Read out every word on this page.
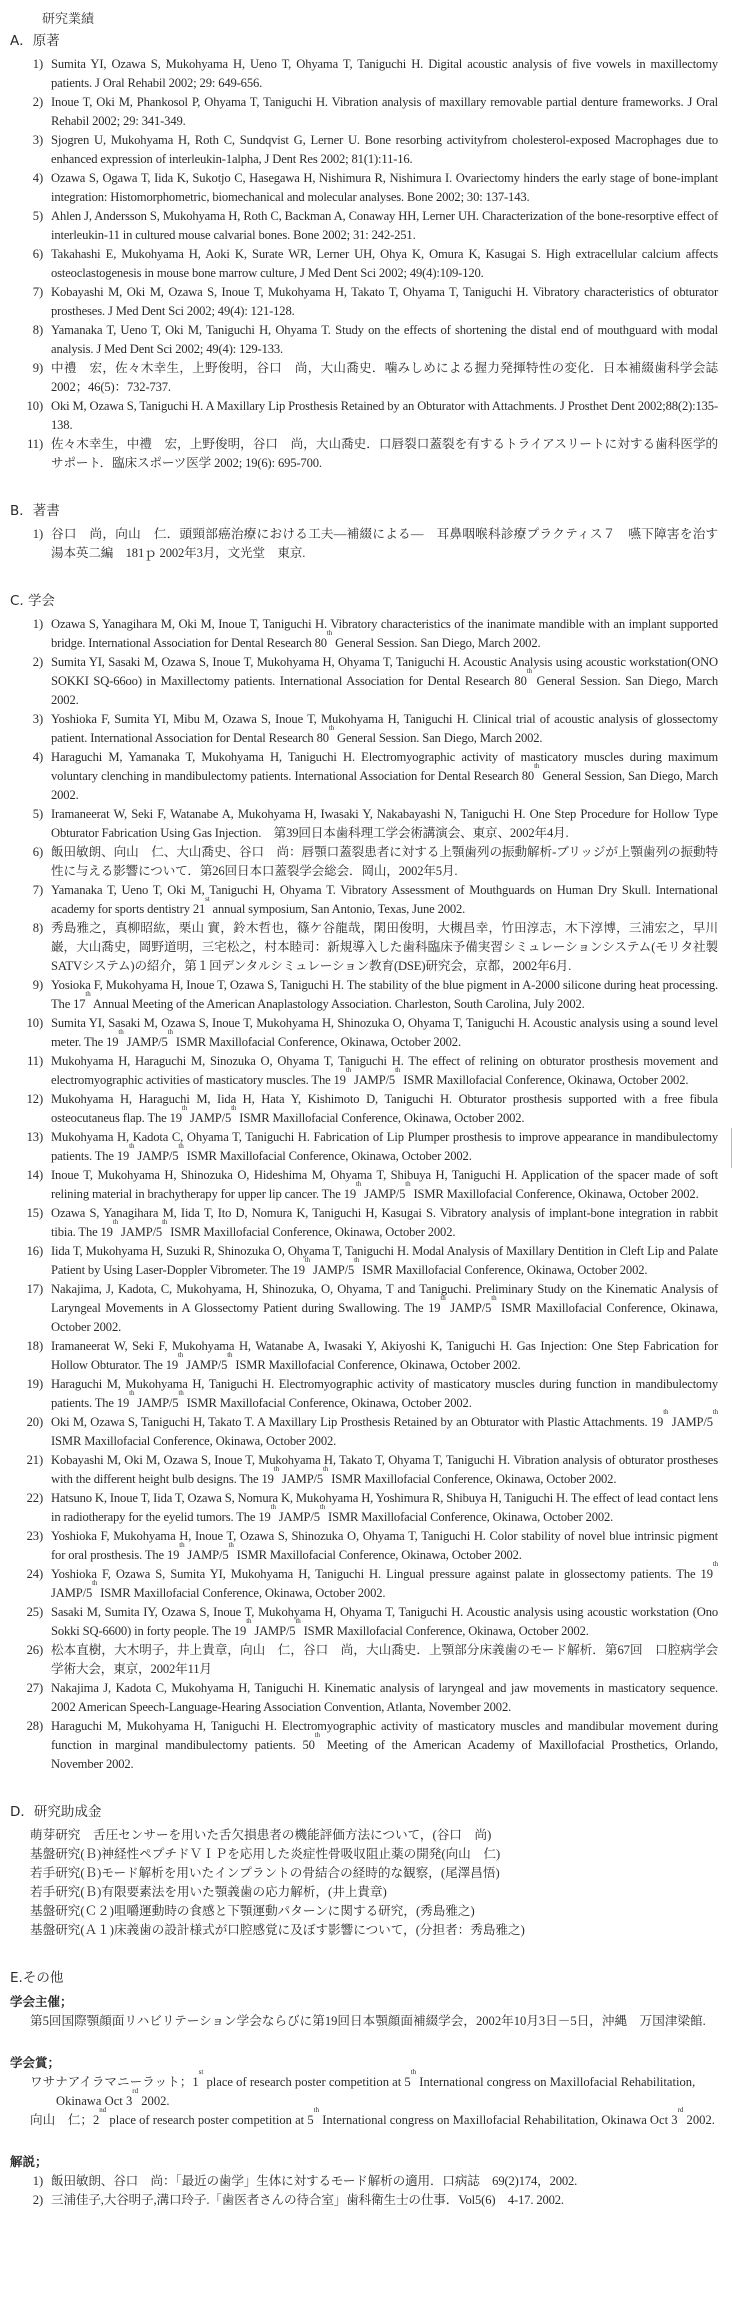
研究業績
A．原著
1) Sumita YI, Ozawa S, Mukohyama H, Ueno T, Ohyama T, Taniguchi H. Digital acoustic analysis of five vowels in maxillectomy patients. J Oral Rehabil 2002; 29: 649-656.
2) Inoue T, Oki M, Phankosol P, Ohyama T, Taniguchi H. Vibration analysis of maxillary removable partial denture frameworks. J Oral Rehabil 2002; 29: 341-349.
3) Sjogren U, Mukohyama H, Roth C, Sundqvist G, Lerner U. Bone resorbing activityfrom cholesterol-exposed Macrophages due to enhanced expression of interleukin-1alpha, J Dent Res 2002; 81(1):11-16.
4) Ozawa S, Ogawa T, Iida K, Sukotjo C, Hasegawa H, Nishimura R, Nishimura I. Ovariectomy hinders the early stage of bone-implant integration: Histomorphometric, biomechanical and molecular analyses. Bone 2002; 30: 137-143.
5) Ahlen J, Andersson S, Mukohyama H, Roth C, Backman A, Conaway HH, Lerner UH. Characterization of the bone-resorptive effect of interleukin-11 in cultured mouse calvarial bones. Bone 2002; 31: 242-251.
6) Takahashi E, Mukohyama H, Aoki K, Surate WR, Lerner UH, Ohya K, Omura K, Kasugai S. High extracellular calcium affects osteoclastogenesis in mouse bone marrow culture, J Med Dent Sci 2002; 49(4):109-120.
7) Kobayashi M, Oki M, Ozawa S, Inoue T, Mukohyama H, Takato T, Ohyama T, Taniguchi H. Vibratory characteristics of obturator prostheses. J Med Dent Sci 2002; 49(4): 121-128.
8) Yamanaka T, Ueno T, Oki M, Taniguchi H, Ohyama T. Study on the effects of shortening the distal end of mouthguard with modal analysis. J Med Dent Sci 2002; 49(4): 129-133.
9) 中禮　宏，佐々木幸生，上野俊明，谷口　尚，大山喬史．噛みしめによる握力発揮特性の変化．日本補綴歯科学会誌 2002；46(5)：732-737.
10) Oki M, Ozawa S, Taniguchi H. A Maxillary Lip Prosthesis Retained by an Obturator with Attachments. J Prosthet Dent 2002;88(2):135-138.
11) 佐々木幸生，中禮　宏，上野俊明，谷口　尚，大山喬史．口唇裂口蓋裂を有するトライアスリートに対する歯科医学的サポート．臨床スポーツ医学 2002; 19(6): 695-700.
B．著書
1) 谷口　尚，向山　仁．頭頸部癌治療における工夫―補綴による―　耳鼻咽喉科診療プラクティス７　嚥下障害を治す　湯本英二編　181ｐ 2002年3月，文光堂　東京.
C. 学会
1) Ozawa S, Yanagihara M, Oki M, Inoue T, Taniguchi H. Vibratory characteristics of the inanimate mandible with an implant supported bridge. International Association for Dental Research 80th General Session. San Diego, March 2002.
2) Sumita YI, Sasaki M, Ozawa S, Inoue T, Mukohyama H, Ohyama T, Taniguchi H. Acoustic Analysis using acoustic workstation(ONO SOKKI SQ-66oo) in Maxillectomy patients. International Association for Dental Research 80th General Session. San Diego, March 2002.
3) Yoshioka F, Sumita YI, Mibu M, Ozawa S, Inoue T, Mukohyama H, Taniguchi H. Clinical trial of acoustic analysis of glossectomy patient. International Association for Dental Research 80th General Session. San Diego, March 2002.
4) Haraguchi M, Yamanaka T, Mukohyama H, Taniguchi H. Electromyographic activity of masticatory muscles during maximum voluntary clenching in mandibulectomy patients. International Association for Dental Research 80th General Session, San Diego, March 2002.
5) Iramaneerat W, Seki F, Watanabe A, Mukohyama H, Iwasaki Y, Nakabayashi N, Taniguchi H. One Step Procedure for Hollow Type Obturator Fabrication Using Gas Injection.　第39回日本歯科理工学会術講演会、東京、2002年4月.
6) 飯田敏朗、向山　仁、大山喬史、谷口　尚：唇顎口蓋裂患者に対する上顎歯列の振動解析-ブリッジが上顎歯列の振動特性に与える影響について．第26回日本口蓋裂学会総会．岡山，2002年5月.
7) Yamanaka T, Ueno T, Oki M, Taniguchi H, Ohyama T. Vibratory Assessment of Mouthguards on Human Dry Skull. International academy for sports dentistry 21st annual symposium, San Antonio, Texas, June 2002.
8) 秀島雅之，真柳昭紘，栗山 實，鈴木哲也，篠ケ谷龍哉，閑田俊明，大槻昌幸，竹田淳志，木下淳博，三浦宏之，早川 巌，大山喬史，岡野道明，三宅松之，村本睦司：新規導入した歯科臨床予備実習シミュレーションシステム(モリタ社製SATVシステム)の紹介，第１回デンタルシミュレーション教育(DSE)研究会，京都，2002年6月.
9) Yosioka F, Mukohyama H, Inoue T, Ozawa S, Taniguchi H. The stability of the blue pigment in A-2000 silicone during heat processing. The 17th Annual Meeting of the American Anaplastology Association. Charleston, South Carolina, July 2002.
10) Sumita YI, Sasaki M, Ozawa S, Inoue T, Mukohyama H, Shinozuka O, Ohyama T, Taniguchi H. Acoustic analysis using a sound level meter. The 19th JAMP/5th ISMR Maxillofacial Conference, Okinawa, October 2002.
11) Mukohyama H, Haraguchi M, Sinozuka O, Ohyama T, Taniguchi H. The effect of relining on obturator prosthesis movement and electromyographic activities of masticatory muscles. The 19th JAMP/5th ISMR Maxillofacial Conference, Okinawa, October 2002.
12) Mukohyama H, Haraguchi M, Iida H, Hata Y, Kishimoto D, Taniguchi H. Obturator prosthesis supported with a free fibula osteocutaneus flap. The 19th JAMP/5th ISMR Maxillofacial Conference, Okinawa, October 2002.
13) Mukohyama H, Kadota C, Ohyama T, Taniguchi H. Fabrication of Lip Plumper prosthesis to improve appearance in mandibulectomy patients. The 19th JAMP/5th ISMR Maxillofacial Conference, Okinawa, October 2002.
14) Inoue T, Mukohyama H, Shinozuka O, Hideshima M, Ohyama T, Shibuya H, Taniguchi H. Application of the spacer made of soft relining material in brachytherapy for upper lip cancer. The 19th JAMP/5th ISMR Maxillofacial Conference, Okinawa, October 2002.
15) Ozawa S, Yanagihara M, Iida T, Ito D, Nomura K, Taniguchi H, Kasugai S. Vibratory analysis of implant-bone integration in rabbit tibia. The 19th JAMP/5th ISMR Maxillofacial Conference, Okinawa, October 2002.
16) Iida T, Mukohyama H, Suzuki R, Shinozuka O, Ohyama T, Taniguchi H. Modal Analysis of Maxillary Dentition in Cleft Lip and Palate Patient by Using Laser-Doppler Vibrometer. The 19th JAMP/5th ISMR Maxillofacial Conference, Okinawa, October 2002.
17) Nakajima, J, Kadota, C, Mukohyama, H, Shinozuka, O, Ohyama, T and Taniguchi. Preliminary Study on the Kinematic Analysis of Laryngeal Movements in A Glossectomy Patient during Swallowing. The 19th JAMP/5th ISMR Maxillofacial Conference, Okinawa, October 2002.
18) Iramaneerat W, Seki F, Mukohyama H, Watanabe A, Iwasaki Y, Akiyoshi K, Taniguchi H. Gas Injection: One Step Fabrication for Hollow Obturator. The 19th JAMP/5th ISMR Maxillofacial Conference, Okinawa, October 2002.
19) Haraguchi M, Mukohyama H, Taniguchi H. Electromyographic activity of masticatory muscles during function in mandibulectomy patients. The 19th JAMP/5th ISMR Maxillofacial Conference, Okinawa, October 2002.
20) Oki M, Ozawa S, Taniguchi H, Takato T. A Maxillary Lip Prosthesis Retained by an Obturator with Plastic Attachments. 19th JAMP/5th ISMR Maxillofacial Conference, Okinawa, October 2002.
21) Kobayashi M, Oki M, Ozawa S, Inoue T, Mukohyama H, Takato T, Ohyama T, Taniguchi H. Vibration analysis of obturator prostheses with the different height bulb designs. The 19th JAMP/5th ISMR Maxillofacial Conference, Okinawa, October 2002.
22) Hatsuno K, Inoue T, Iida T, Ozawa S, Nomura K, Mukohyama H, Yoshimura R, Shibuya H, Taniguchi H. The effect of lead contact lens in radiotherapy for the eyelid tumors. The 19th JAMP/5th ISMR Maxillofacial Conference, Okinawa, October 2002.
23) Yoshioka F, Mukohyama H, Inoue T, Ozawa S, Shinozuka O, Ohyama T, Taniguchi H. Color stability of novel blue intrinsic pigment for oral prosthesis. The 19th JAMP/5th ISMR Maxillofacial Conference, Okinawa, October 2002.
24) Yoshioka F, Ozawa S, Sumita YI, Mukohyama H, Taniguchi H. Lingual pressure against palate in glossectomy patients. The 19th JAMP/5th ISMR Maxillofacial Conference, Okinawa, October 2002.
25) Sasaki M, Sumita IY, Ozawa S, Inoue T, Mukohyama H, Ohyama T, Taniguchi H. Acoustic analysis using acoustic workstation (Ono Sokki SQ-6600) in forty people. The 19th JAMP/5th ISMR Maxillofacial Conference, Okinawa, October 2002.
26) 松本直樹，大木明子，井上貴章，向山　仁，谷口　尚，大山喬史．上顎部分床義歯のモード解析．第67回　口腔病学会学術大会，東京，2002年11月
27) Nakajima J, Kadota C, Mukohyama H, Taniguchi H. Kinematic analysis of laryngeal and jaw movements in masticatory sequence. 2002 American Speech-Language-Hearing Association Convention, Atlanta, November 2002.
28) Haraguchi M, Mukohyama H, Taniguchi H. Electromyographic activity of masticatory muscles and mandibular movement during function in marginal mandibulectomy patients. 50th Meeting of the American Academy of Maxillofacial Prosthetics, Orlando, November 2002.
D．研究助成金
萌芽研究　舌圧センサーを用いた舌欠損患者の機能評価方法について，(谷口　尚)
基盤研究(Ｂ)神経性ペプチドＶＩＰを応用した炎症性骨吸収阻止薬の開発(向山　仁)
若手研究(Ｂ)モード解析を用いたインプラントの骨結合の経時的な観察，(尾澤昌悟)
若手研究(Ｂ)有限要素法を用いた顎義歯の応力解析，(井上貴章)
基盤研究(Ｃ２)咀嚼運動時の食感と下顎運動パターンに関する研究，(秀島雅之)
基盤研究(Ａ１)床義歯の設計様式が口腔感覚に及ぼす影響について，(分担者：秀島雅之)
E.その他
学会主催；
第5回国際顎顔面リハビリテーション学会ならびに第19回日本顎顔面補綴学会，2002年10月3日－5日，沖縄　万国津梁館.
学会賞；
ワサナアイラマニーラット；1st place of research poster competition at 5th International congress on Maxillofacial Rehabilitation, Okinawa Oct 3rd 2002.
向山　仁；2nd place of research poster competition at 5th International congress on Maxillofacial Rehabilitation, Okinawa Oct 3rd 2002.
解説；
1) 飯田敏朗、谷口　尚：「最近の歯学」生体に対するモード解析の適用．口病誌　69(2)174，2002.
2) 三浦佳子,大谷明子,溝口玲子.「歯医者さんの待合室」歯科衛生士の仕事．Vol5(6)　4-17. 2002.
